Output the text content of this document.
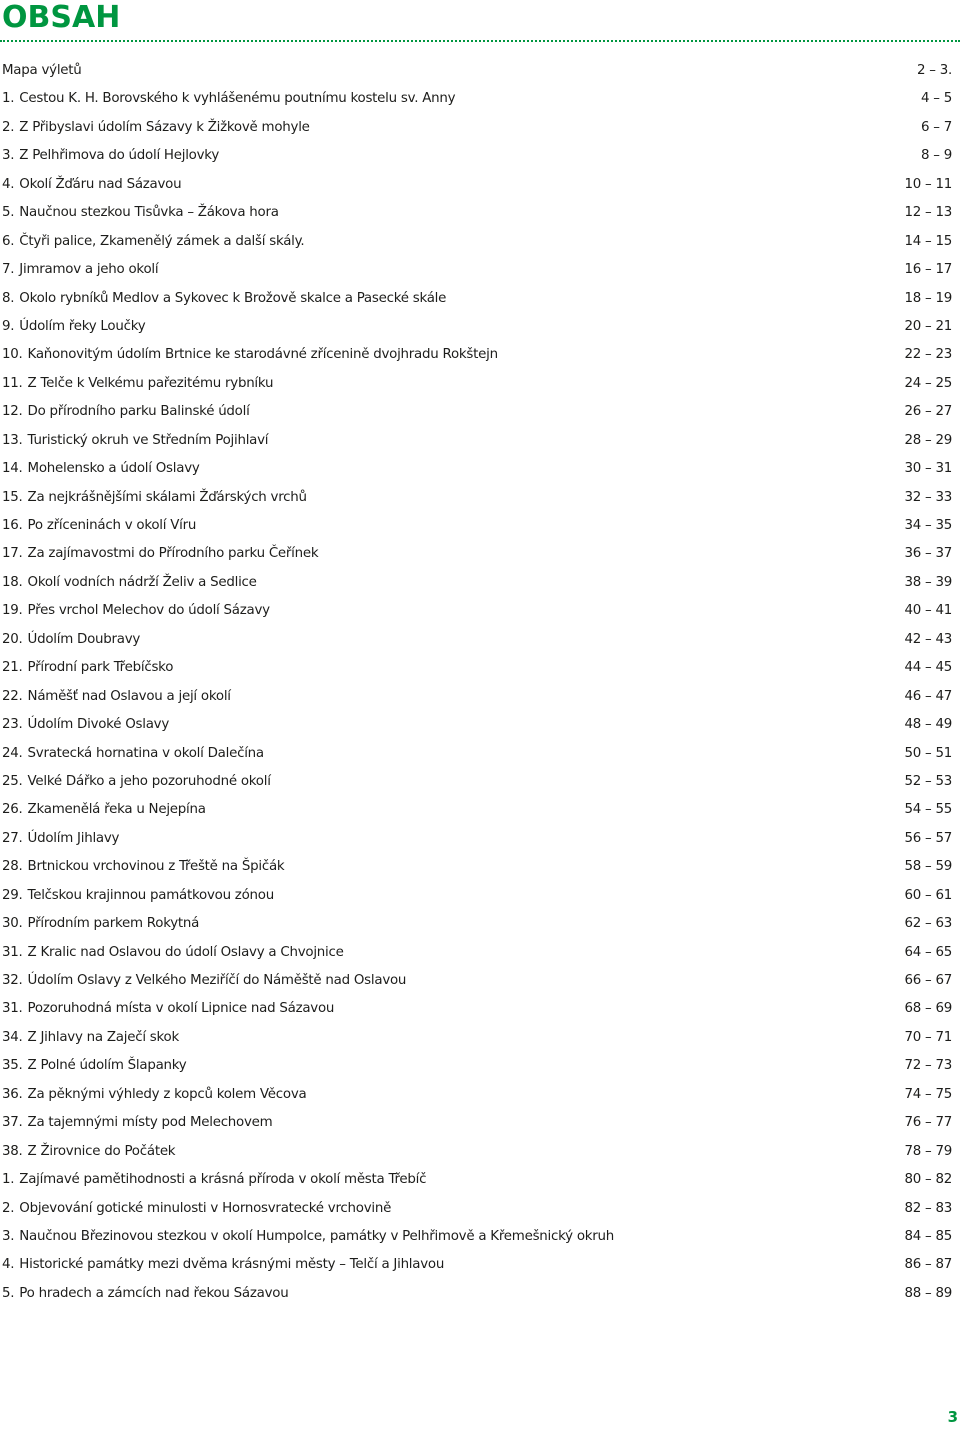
OBSAH
Mapa výletů	2 – 3.
1. Cestou K. H. Borovského k vyhlášenému poutnímu kostelu sv. Anny	4 – 5
2. Z Přibyslavi údolím Sázavy k Žižkově mohyle	6 – 7
3. Z Pelhřimova do údolí Hejlovky	8 – 9
4. Okolí Žďáru nad Sázavou	10 – 11
5. Naučnou stezkou Tisůvka – Žákova hora	12 – 13
6. Čtyři palice, Zkamenělý zámek a další skály.	14 – 15
7. Jimramov a jeho okolí	16 – 17
8. Okolo rybníků Medlov a Sykovec k Brožově skalce a Pasecké skále	18 – 19
9. Údolím řeky Loučky	20 – 21
10. Kaňonovitým údolím Brtnice ke starodávné zřícenině dvojhradu Rokštejn	22 – 23
11. Z Telče k Velkému pařezitému rybníku	24 – 25
12. Do přírodního parku Balinské údolí	26 – 27
13. Turistický okruh ve Středním Pojihlaví	28 – 29
14. Mohelensko a údolí Oslavy	30 – 31
15. Za nejkrášnějšími skálami Žďárských vrchů	32 – 33
16. Po zříceninách v okolí Víru	34 – 35
17. Za zajímavostmi do Přírodního parku Čeřínek	36 – 37
18. Okolí vodních nádrží Želiv a Sedlice	38 – 39
19. Přes vrchol Melechov do údolí Sázavy	40 – 41
20. Údolím Doubravy	42 – 43
21. Přírodní park Třebíčsko	44 – 45
22. Náměšť nad Oslavou a její okolí	46 – 47
23. Údolím Divoké Oslavy	48 – 49
24. Svratecká hornatina v okolí Dalečína	50 – 51
25. Velké Dářko a jeho pozoruhodné okolí	52 – 53
26. Zkamenělá řeka u Nejepína	54 – 55
27. Údolím Jihlavy	56 – 57
28. Brtnickou vrchovinou z Třeště na Špičák	58 – 59
29. Telčskou krajinnou památkovou zónou	60 – 61
30. Přírodním parkem Rokytná	62 – 63
31. Z Kralic nad Oslavou do údolí Oslavy a Chvojnice	64 – 65
32. Údolím Oslavy z Velkého Meziříčí do Náměště nad Oslavou	66 – 67
31. Pozoruhodná místa v okolí Lipnice nad Sázavou	68 – 69
34. Z Jihlavy na Zaječí skok	70 – 71
35. Z Polné údolím Šlapanky	72 – 73
36. Za pěknými výhledy z kopců kolem Věcova	74 – 75
37. Za tajemnými místy pod Melechovem	76 – 77
38. Z Žirovnice do Počátek	78 – 79
1. Zajímavé pamětihodnosti a krásná příroda v okolí města Třebíč	80 – 82
2. Objevování gotické minulosti v Hornosvratecké vrchovině	82 – 83
3. Naučnou Březinovou stezkou v okolí Humpolce, památky v Pelhřimově a Křemešnický okruh	84 – 85
4. Historické památky mezi dvěma krásnými městy – Telčí a Jihlavou	86 – 87
5. Po hradech a zámcích nad řekou Sázavou	88 – 89
3
